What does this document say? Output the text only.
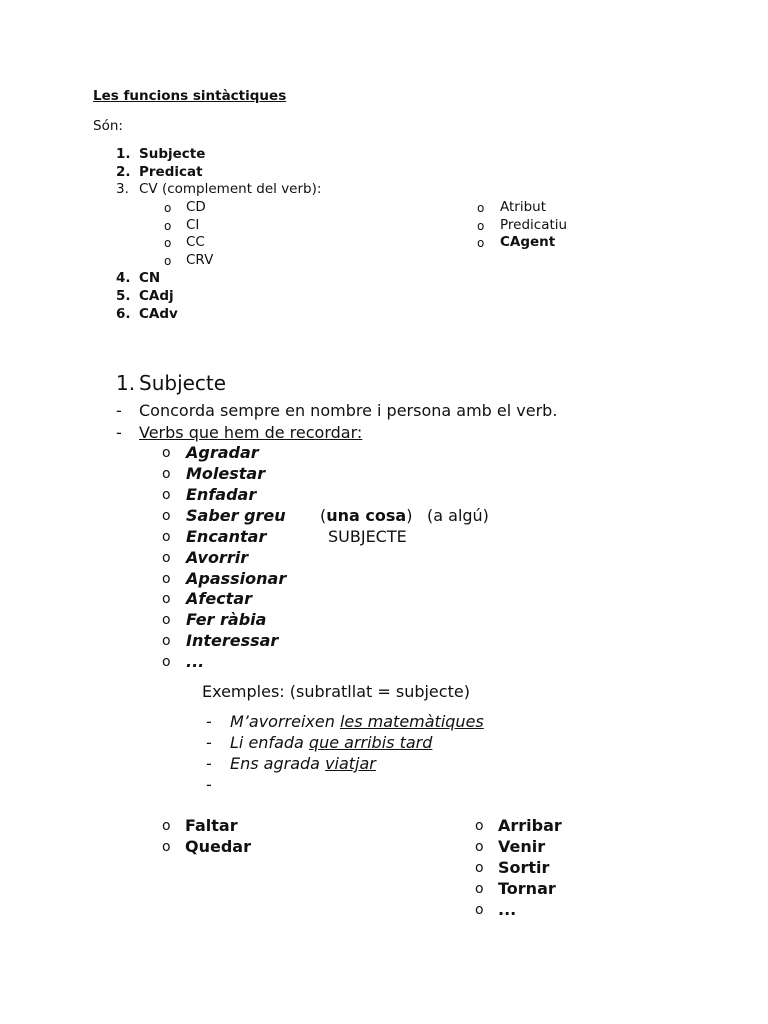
Les funcions sintàctiques
Són:
1. Subjecte
2. Predicat
3. CV (complement del verb):
o CD
o CI
o CC
o CRV
o Atribut
o Predicatiu
o CAgent
4. CN
5. CAdj
6. CAdv
1. Subjecte
- Concorda sempre en nombre i persona amb el verb.
- Verbs que hem de recordar:
o Agradar
o Molestar
o Enfadar
o Saber greu
o Encantar
o Avorrir
o Apassionar
o Afectar
o Fer ràbia
o Interessar
o ...
(una cosa) (a algú)
SUBJECTE
Exemples: (subratllat = subjecte)
- M’avorreixen les matemàtiques
- Li enfada que arribis tard
- Ens agrada viatjar
-
o Faltar
o Quedar
o Arribar
o Venir
o Sortir
o Tornar
o ...
